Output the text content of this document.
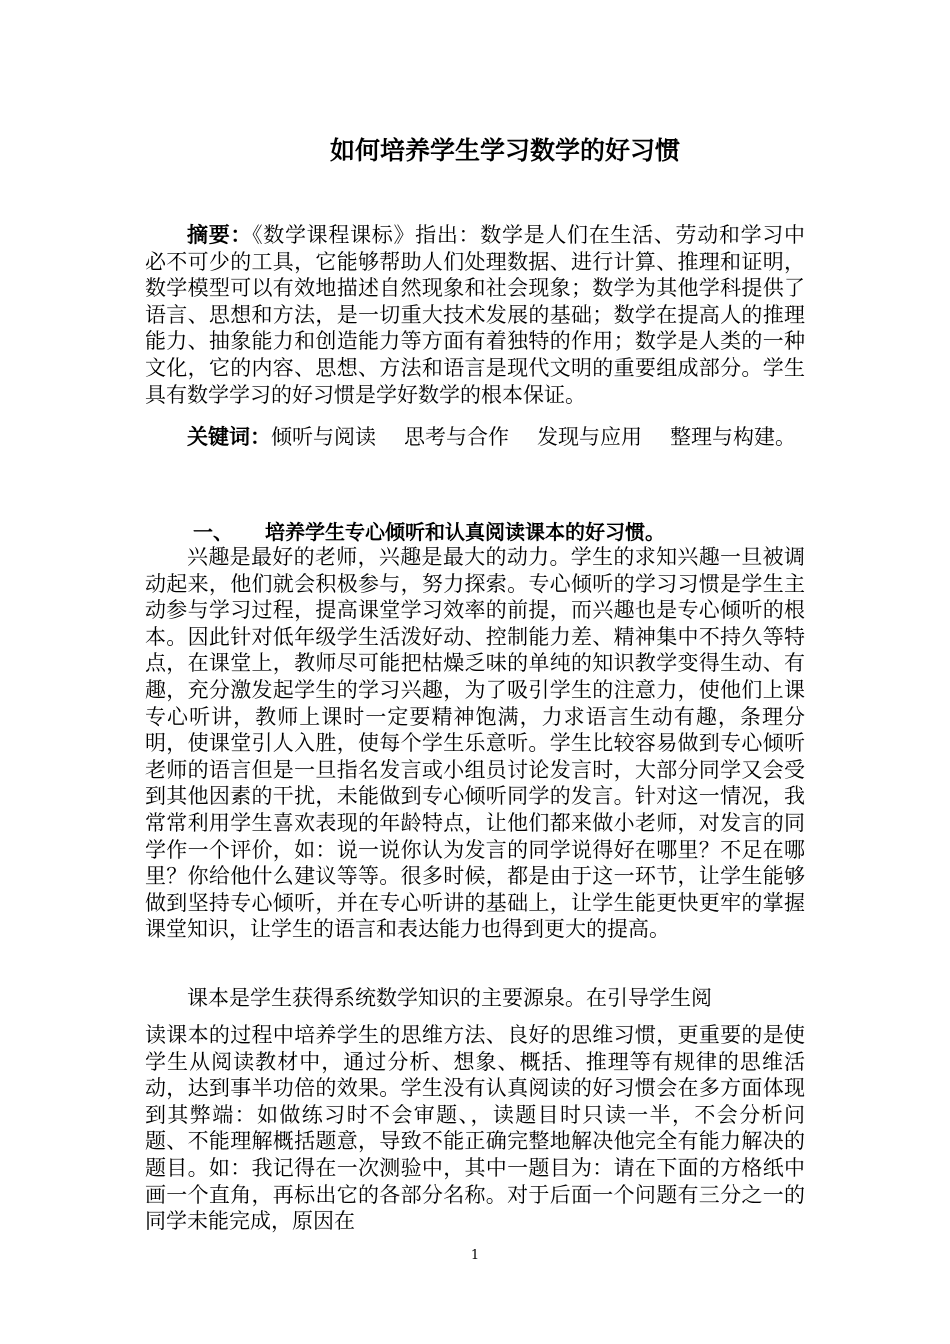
如何培养学生学习数学的好习惯
摘要：《数学课程课标》指出：数学是人们在生活、劳动和学习中必不可少的工具，它能够帮助人们处理数据、进行计算、推理和证明，数学模型可以有效地描述自然现象和社会现象；数学为其他学科提供了语言、思想和方法，是一切重大技术发展的基础；数学在提高人的推理能力、抽象能力和创造能力等方面有着独特的作用；数学是人类的一种文化，它的内容、思想、方法和语言是现代文明的重要组成部分。学生具有数学学习的好习惯是学好数学的根本保证。
关键词：倾听与阅读 思考与合作 发现与应用 整理与构建。
一、 培养学生专心倾听和认真阅读课本的好习惯。
兴趣是最好的老师，兴趣是最大的动力。学生的求知兴趣一旦被调动起来，他们就会积极参与，努力探索。专心倾听的学习习惯是学生主动参与学习过程，提高课堂学习效率的前提，而兴趣也是专心倾听的根本。因此针对低年级学生活泼好动、控制能力差、精神集中不持久等特点，在课堂上，教师尽可能把枯燥乏味的单纯的知识教学变得生动、有趣，充分激发起学生的学习兴趣，为了吸引学生的注意力，使他们上课专心听讲，教师上课时一定要精神饱满，力求语言生动有趣，条理分明，使课堂引人入胜，使每个学生乐意听。学生比较容易做到专心倾听老师的语言但是一旦指名发言或小组员讨论发言时，大部分同学又会受到其他因素的干扰，未能做到专心倾听同学的发言。针对这一情况，我常常利用学生喜欢表现的年龄特点，让他们都来做小老师，对发言的同学作一个评价，如：说一说你认为发言的同学说得好在哪里？不足在哪里？你给他什么建议等等。很多时候，都是由于这一环节，让学生能够做到坚持专心倾听，并在专心听讲的基础上，让学生能更快更牢的掌握课堂知识，让学生的语言和表达能力也得到更大的提高。
课本是学生获得系统数学知识的主要源泉。在引导学生阅
读课本的过程中培养学生的思维方法、良好的思维习惯，更重要的是使学生从阅读教材中，通过分析、想象、概括、推理等有规律的思维活动，达到事半功倍的效果。学生没有认真阅读的好习惯会在多方面体现到其弊端：如做练习时不会审题、，读题目时只读一半，不会分析问题、不能理解概括题意，导致不能正确完整地解决他完全有能力解决的题目。如：我记得在一次测验中，其中一题目为：请在下面的方格纸中画一个直角，再标出它的各部分名称。对于后面一个问题有三分之一的同学未能完成，原因在
1
